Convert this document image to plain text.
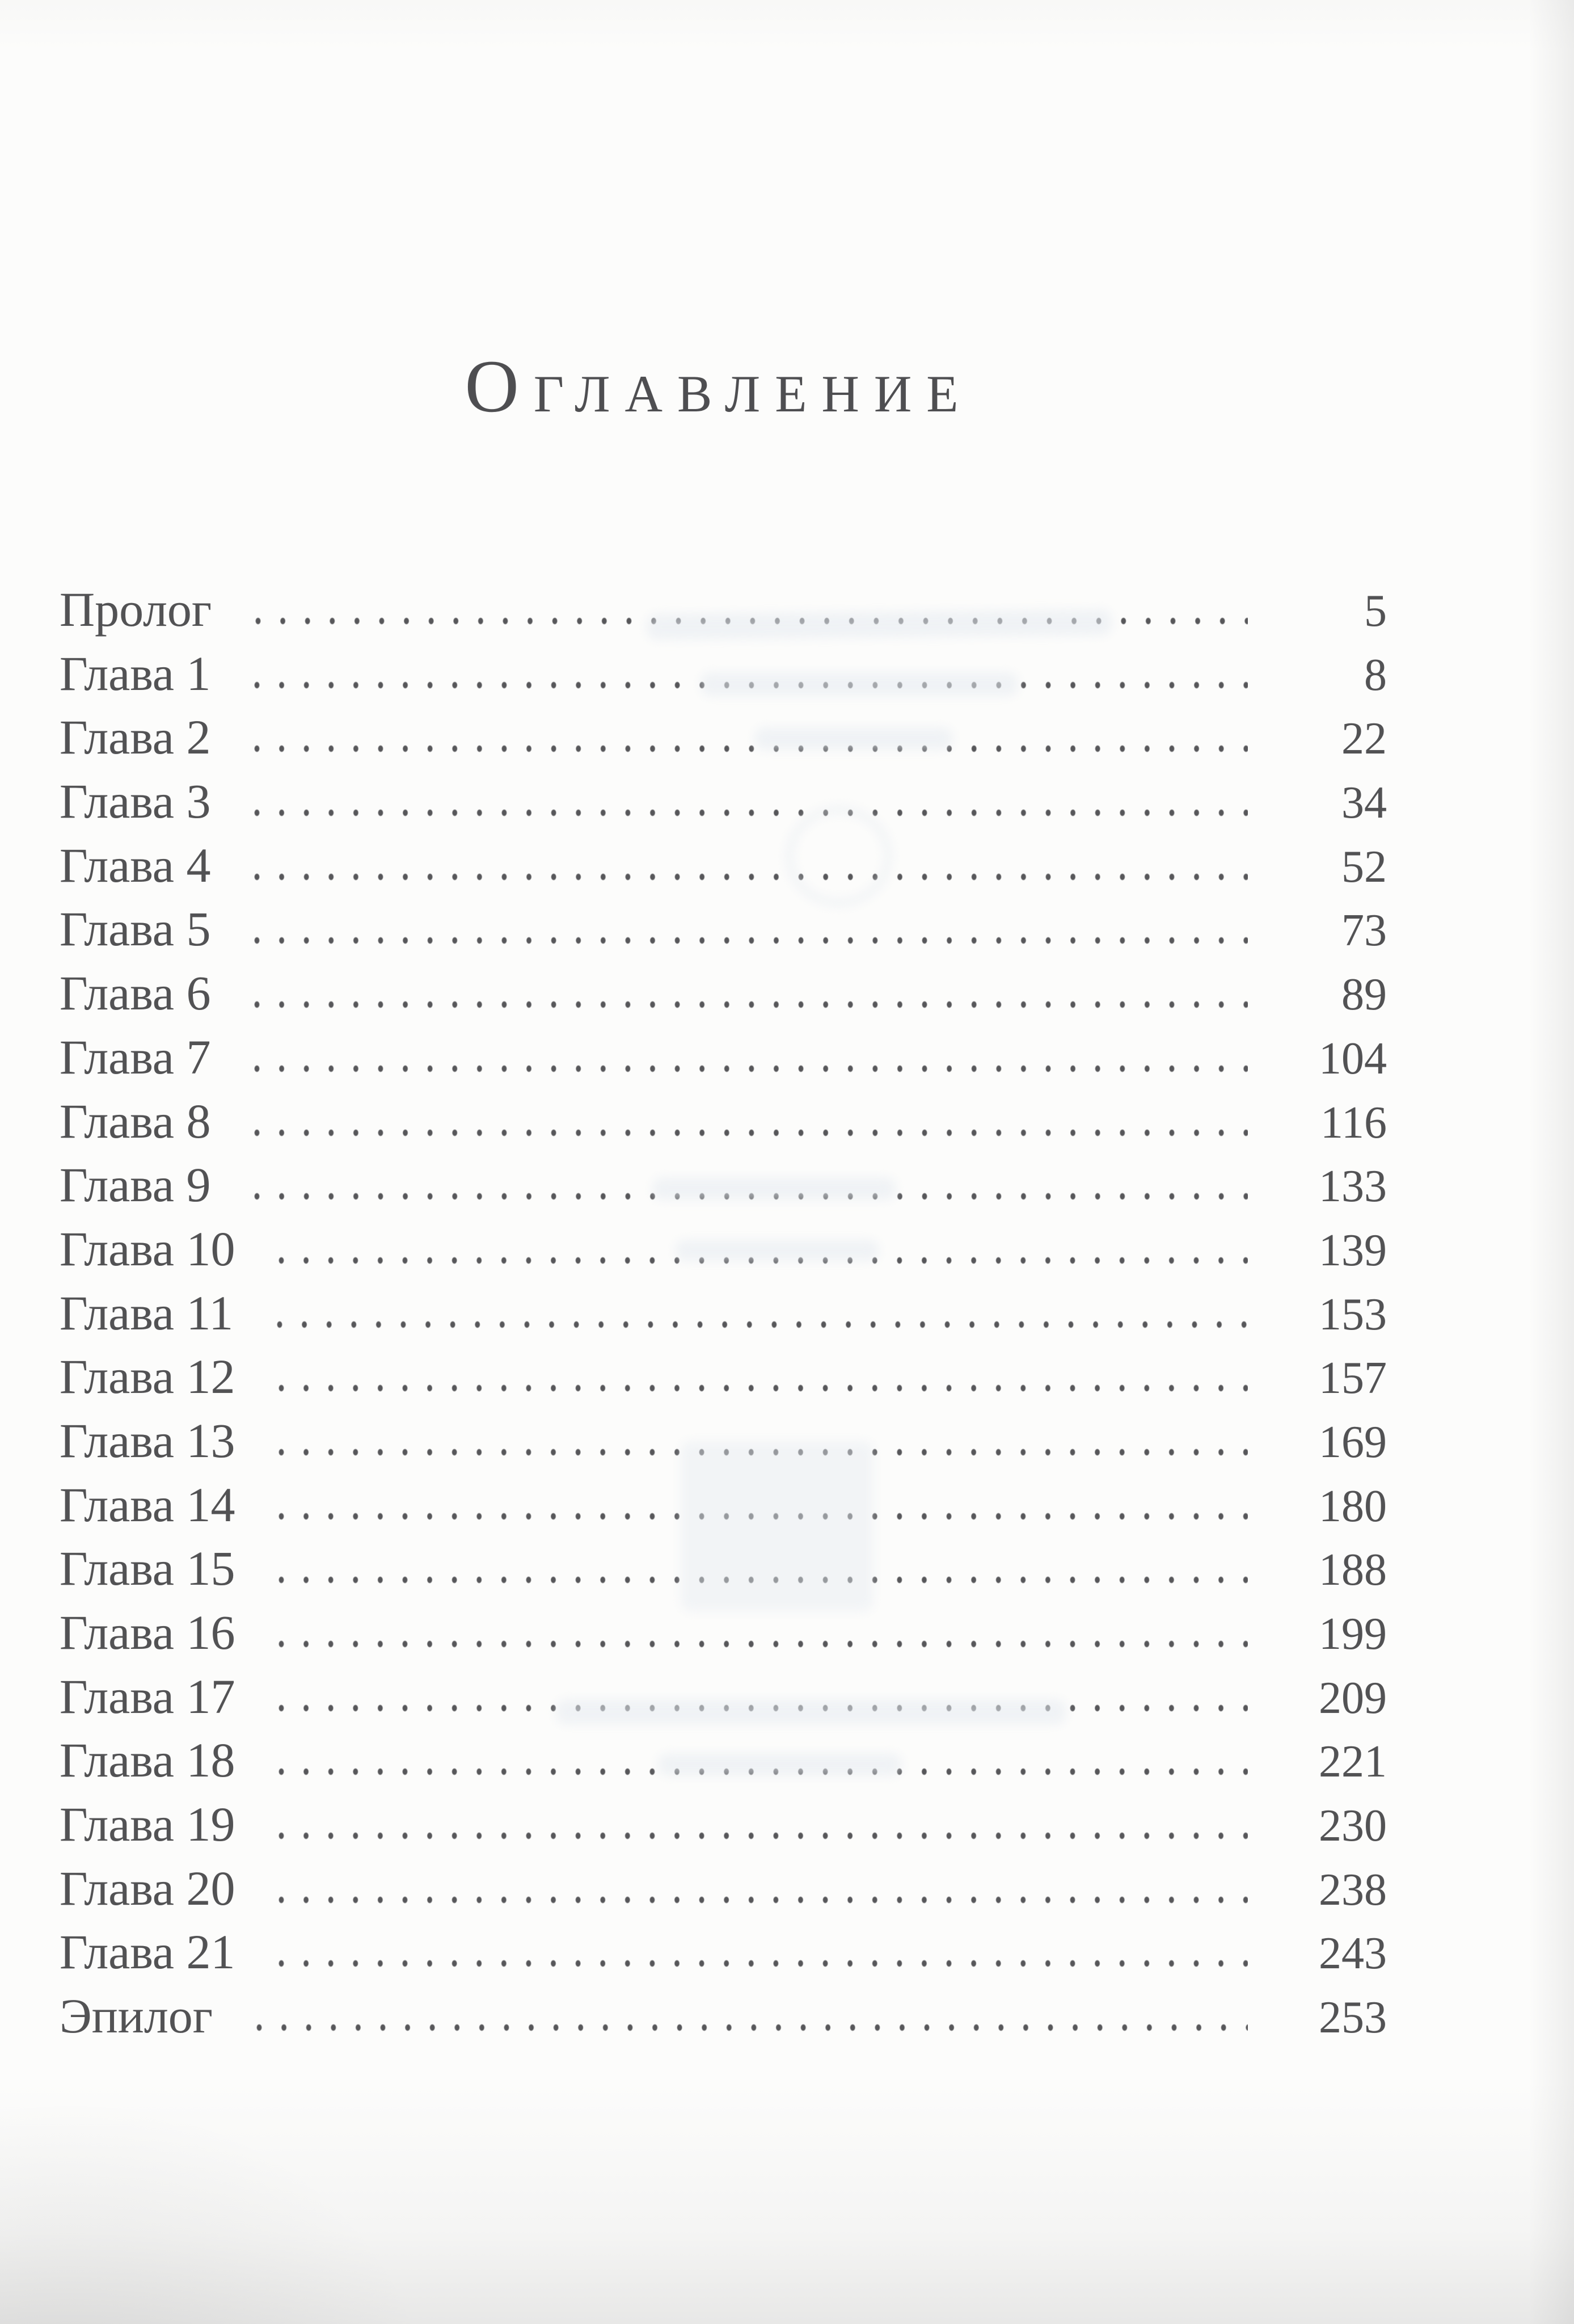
ОГЛАВЛЕНИЕ
Пролог	5
Глава 1	8
Глава 2	22
Глава 3	34
Глава 4	52
Глава 5	73
Глава 6	89
Глава 7	104
Глава 8	116
Глава 9	133
Глава 10	139
Глава 11	153
Глава 12	157
Глава 13	169
Глава 14	180
Глава 15	188
Глава 16	199
Глава 17	209
Глава 18	221
Глава 19	230
Глава 20	238
Глава 21	243
Эпилог	253
